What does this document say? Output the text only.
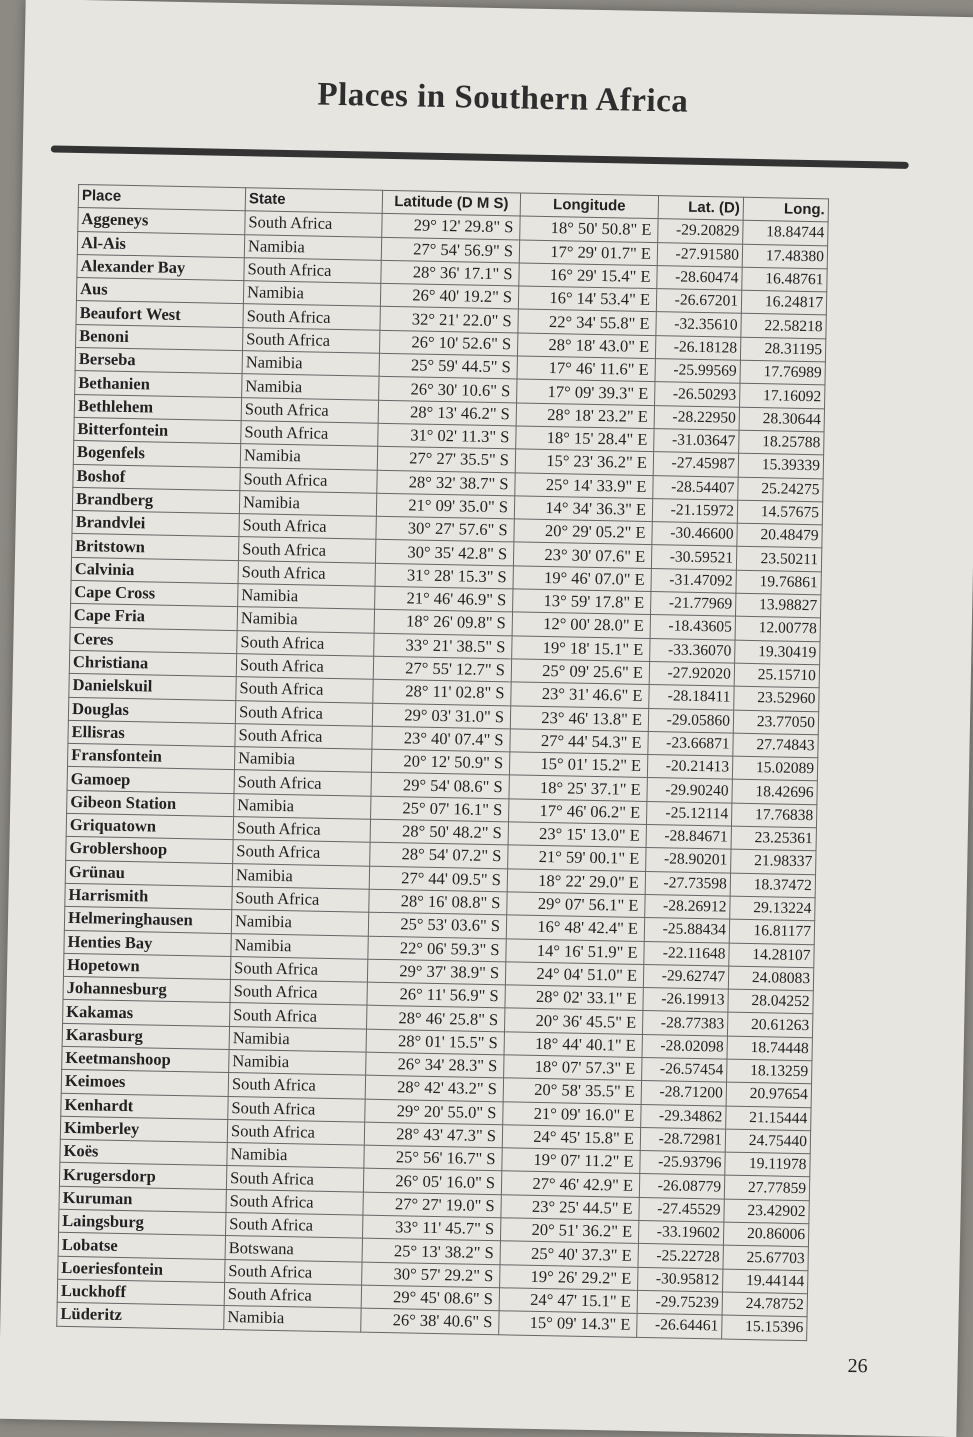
Places in Southern Africa
Place	State	Latitude (D M S)	Longitude	Lat. (D)	Long.
Aggeneys	South Africa	29° 12' 29.8" S	18° 50' 50.8" E	-29.20829	18.84744
Al-Ais	Namibia	27° 54' 56.9" S	17° 29' 01.7" E	-27.91580	17.48380
Alexander Bay	South Africa	28° 36' 17.1" S	16° 29' 15.4" E	-28.60474	16.48761
Aus	Namibia	26° 40' 19.2" S	16° 14' 53.4" E	-26.67201	16.24817
Beaufort West	South Africa	32° 21' 22.0" S	22° 34' 55.8" E	-32.35610	22.58218
Benoni	South Africa	26° 10' 52.6" S	28° 18' 43.0" E	-26.18128	28.31195
Berseba	Namibia	25° 59' 44.5" S	17° 46' 11.6" E	-25.99569	17.76989
Bethanien	Namibia	26° 30' 10.6" S	17° 09' 39.3" E	-26.50293	17.16092
Bethlehem	South Africa	28° 13' 46.2" S	28° 18' 23.2" E	-28.22950	28.30644
Bitterfontein	South Africa	31° 02' 11.3" S	18° 15' 28.4" E	-31.03647	18.25788
Bogenfels	Namibia	27° 27' 35.5" S	15° 23' 36.2" E	-27.45987	15.39339
Boshof	South Africa	28° 32' 38.7" S	25° 14' 33.9" E	-28.54407	25.24275
Brandberg	Namibia	21° 09' 35.0" S	14° 34' 36.3" E	-21.15972	14.57675
Brandvlei	South Africa	30° 27' 57.6" S	20° 29' 05.2" E	-30.46600	20.48479
Britstown	South Africa	30° 35' 42.8" S	23° 30' 07.6" E	-30.59521	23.50211
Calvinia	South Africa	31° 28' 15.3" S	19° 46' 07.0" E	-31.47092	19.76861
Cape Cross	Namibia	21° 46' 46.9" S	13° 59' 17.8" E	-21.77969	13.98827
Cape Fria	Namibia	18° 26' 09.8" S	12° 00' 28.0" E	-18.43605	12.00778
Ceres	South Africa	33° 21' 38.5" S	19° 18' 15.1" E	-33.36070	19.30419
Christiana	South Africa	27° 55' 12.7" S	25° 09' 25.6" E	-27.92020	25.15710
Danielskuil	South Africa	28° 11' 02.8" S	23° 31' 46.6" E	-28.18411	23.52960
Douglas	South Africa	29° 03' 31.0" S	23° 46' 13.8" E	-29.05860	23.77050
Ellisras	South Africa	23° 40' 07.4" S	27° 44' 54.3" E	-23.66871	27.74843
Fransfontein	Namibia	20° 12' 50.9" S	15° 01' 15.2" E	-20.21413	15.02089
Gamoep	South Africa	29° 54' 08.6" S	18° 25' 37.1" E	-29.90240	18.42696
Gibeon Station	Namibia	25° 07' 16.1" S	17° 46' 06.2" E	-25.12114	17.76838
Griquatown	South Africa	28° 50' 48.2" S	23° 15' 13.0" E	-28.84671	23.25361
Groblershoop	South Africa	28° 54' 07.2" S	21° 59' 00.1" E	-28.90201	21.98337
Grünau	Namibia	27° 44' 09.5" S	18° 22' 29.0" E	-27.73598	18.37472
Harrismith	South Africa	28° 16' 08.8" S	29° 07' 56.1" E	-28.26912	29.13224
Helmeringhausen	Namibia	25° 53' 03.6" S	16° 48' 42.4" E	-25.88434	16.81177
Henties Bay	Namibia	22° 06' 59.3" S	14° 16' 51.9" E	-22.11648	14.28107
Hopetown	South Africa	29° 37' 38.9" S	24° 04' 51.0" E	-29.62747	24.08083
Johannesburg	South Africa	26° 11' 56.9" S	28° 02' 33.1" E	-26.19913	28.04252
Kakamas	South Africa	28° 46' 25.8" S	20° 36' 45.5" E	-28.77383	20.61263
Karasburg	Namibia	28° 01' 15.5" S	18° 44' 40.1" E	-28.02098	18.74448
Keetmanshoop	Namibia	26° 34' 28.3" S	18° 07' 57.3" E	-26.57454	18.13259
Keimoes	South Africa	28° 42' 43.2" S	20° 58' 35.5" E	-28.71200	20.97654
Kenhardt	South Africa	29° 20' 55.0" S	21° 09' 16.0" E	-29.34862	21.15444
Kimberley	South Africa	28° 43' 47.3" S	24° 45' 15.8" E	-28.72981	24.75440
Koës	Namibia	25° 56' 16.7" S	19° 07' 11.2" E	-25.93796	19.11978
Krugersdorp	South Africa	26° 05' 16.0" S	27° 46' 42.9" E	-26.08779	27.77859
Kuruman	South Africa	27° 27' 19.0" S	23° 25' 44.5" E	-27.45529	23.42902
Laingsburg	South Africa	33° 11' 45.7" S	20° 51' 36.2" E	-33.19602	20.86006
Lobatse	Botswana	25° 13' 38.2" S	25° 40' 37.3" E	-25.22728	25.67703
Loeriesfontein	South Africa	30° 57' 29.2" S	19° 26' 29.2" E	-30.95812	19.44144
Luckhoff	South Africa	29° 45' 08.6" S	24° 47' 15.1" E	-29.75239	24.78752
Lüderitz	Namibia	26° 38' 40.6" S	15° 09' 14.3" E	-26.64461	15.15396
26
